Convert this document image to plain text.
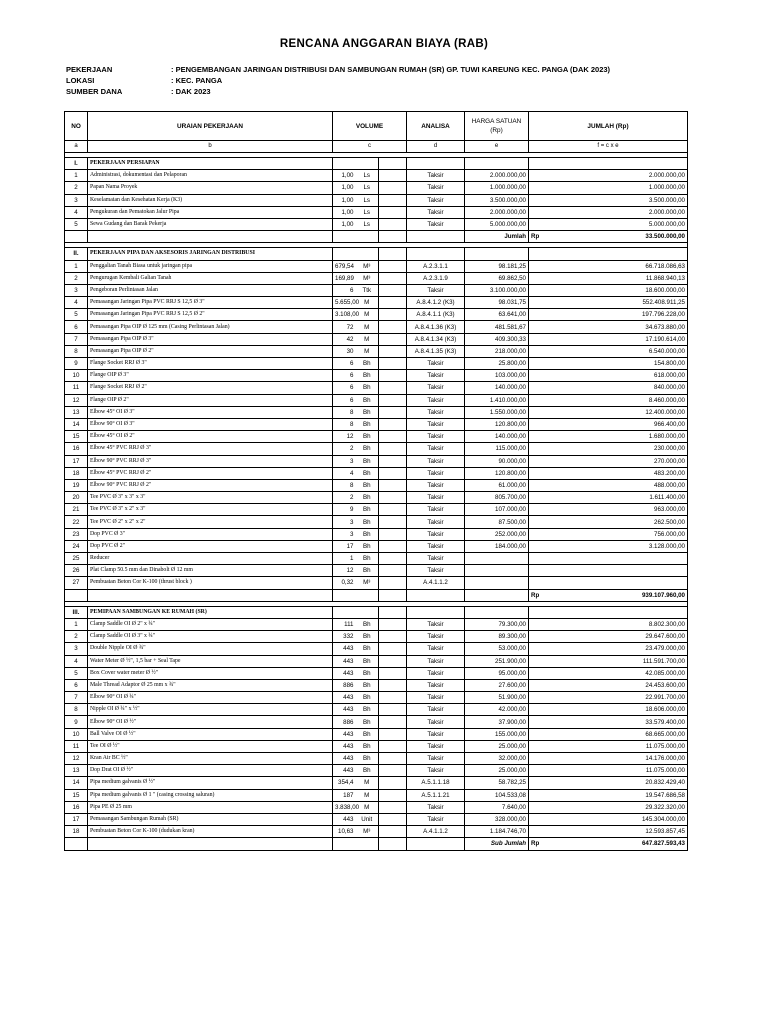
RENCANA ANGGARAN BIAYA (RAB)
PEKERJAAN	: PENGEMBANGAN JARINGAN DISTRIBUSI DAN SAMBUNGAN RUMAH (SR) GP. TUWI KAREUNG KEC. PANGA (DAK 2023)
LOKASI	: KEC. PANGA
SUMBER DANA	: DAK 2023
NO	URAIAN PEKERJAAN	VOLUME			ANALISA	HARGA SATUAN (Rp)	JUMLAH (Rp)	
a	b	c			d	e	f = c x e	

I.	PEKERJAAN PERSIAPAN							
1	Administrasi, dokumentasi dan Pelaporan	1,00	Ls		Taksir	2.000.000,00	2.000.000,00	
2	Papan Nama Proyek	1,00	Ls		Taksir	1.000.000,00	1.000.000,00	
3	Keselamatan dan Kesehatan Kerja (K3)	1,00	Ls		Taksir	3.500.000,00	3.500.000,00	
4	Pengukuran dan Pematokan Jalur Pipa	1,00	Ls		Taksir	2.000.000,00	2.000.000,00	
5	Sewa Gudang dan Barak Pekerja	1,00	Ls		Taksir	5.000.000,00	5.000.000,00	
						Jumlah	Rp	33.500.000,00

II.	PEKERJAAN PIPA DAN AKSESORIS JARINGAN DISTRIBUSI							
1	Penggalian Tanah Biasa untuk jaringan pipa	679,54	M³		A.2.3.1.1	98.181,25	66.718.086,63	
2	Pengurugan Kembali Galian Tanah	169,89	M³		A.2.3.1.9	69.862,50	11.868.940,13	
3	Pengeboran Perlintasan Jalan	6	Ttk		Taksir	3.100.000,00	18.600.000,00	
4	Pemasangan Jaringan Pipa PVC RRJ S 12,5 Ø 3"	5.655,00	M		A.8.4.1.2 (K3)	98.031,75	552.408.911,25	
5	Pemasangan Jaringan Pipa PVC RRJ S 12,5 Ø 2"	3.108,00	M		A.8.4.1.1 (K3)	63.641,00	197.796.228,00	
6	Pemasangan Pipa OIP Ø 125 mm (Casing Perlintasan Jalan)	72	M		A.8.4.1.36 (K3)	481.581,67	34.673.880,00	
7	Pemasangan Pipa OIP Ø 3"	42	M		A.8.4.1.34 (K3)	409.300,33	17.190.614,00	
8	Pemasangan Pipa OIP Ø 2"	30	M		A.8.4.1.35 (K3)	218.000,00	6.540.000,00	
9	Flange Socket RRJ Ø 3"	6	Bh		Taksir	25.800,00	154.800,00	
10	Flange OIP Ø 3"	6	Bh		Taksir	103.000,00	618.000,00	
11	Flange Socket RRJ Ø 2"	6	Bh		Taksir	140.000,00	840.000,00	
12	Flange OIP Ø 2"	6	Bh		Taksir	1.410.000,00	8.460.000,00	
13	Elbow 45° OI Ø 3"	8	Bh		Taksir	1.550.000,00	12.400.000,00	
14	Elbow 90° OI Ø 3"	8	Bh		Taksir	120.800,00	966.400,00	
15	Elbow 45° OI Ø 2"	12	Bh		Taksir	140.000,00	1.680.000,00	
16	Elbow 45° PVC RRJ Ø 3"	2	Bh		Taksir	115.000,00	230.000,00	
17	Elbow 90° PVC RRJ Ø 3"	3	Bh		Taksir	90.000,00	270.000,00	
18	Elbow 45° PVC RRJ Ø 2"	4	Bh		Taksir	120.800,00	483.200,00	
19	Elbow 90° PVC RRJ Ø 2"	8	Bh		Taksir	61.000,00	488.000,00	
20	Tee PVC Ø 3" x 3" x 3"	2	Bh		Taksir	805.700,00	1.611.400,00	
21	Tee PVC Ø 3" x 2" x 3"	9	Bh		Taksir	107.000,00	963.000,00	
22	Tee PVC Ø 2" x 2" x 2"	3	Bh		Taksir	87.500,00	262.500,00	
23	Dop PVC Ø 3"	3	Bh		Taksir	252.000,00	756.000,00	
24	Dop PVC Ø 2"	17	Bh		Taksir	184.000,00	3.128.000,00	
25	Reducer	1	Bh		Taksir			
26	Plat Clamp 50.5 mm dan Dinabolt Ø 12 mm	12	Bh		Taksir			
27	Pembuatan Beton Cor K-100 (thrust block )	0,32	M³		A.4.1.1.2			
							Rp	939.107.960,00

III.	PEMIPAAN SAMBUNGAN KE RUMAH (SR)							
1	Clamp Saddle OI Ø 2" x ¾"	111	Bh		Taksir	79.300,00	8.802.300,00	
2	Clamp Saddle OI Ø 3" x ¾"	332	Bh		Taksir	89.300,00	29.647.600,00	
3	Double Nipple OI Ø ¾"	443	Bh		Taksir	53.000,00	23.479.000,00	
4	Water Meter Ø ½", 1,5 bar + Seal Tape	443	Bh		Taksir	251.900,00	111.591.700,00	
5	Box Cover water meter Ø ½"	443	Bh		Taksir	95.000,00	42.085.000,00	
6	Male Thread Adaptor Ø 25 mm x ¾"	886	Bh		Taksir	27.600,00	24.453.600,00	
7	Elbow 90° OI Ø ¾"	443	Bh		Taksir	51.900,00	22.991.700,00	
8	Nipple OI Ø ¾" x ½"	443	Bh		Taksir	42.000,00	18.606.000,00	
9	Elbow 90° OI Ø ½"	886	Bh		Taksir	37.900,00	33.579.400,00	
10	Ball Valve OI Ø ½"	443	Bh		Taksir	155.000,00	68.665.000,00	
11	Tee OI Ø ½"	443	Bh		Taksir	25.000,00	11.075.000,00	
12	Kran Air BC ½"	443	Bh		Taksir	32.000,00	14.176.000,00	
13	Dop Drat OI Ø ½"	443	Bh		Taksir	25.000,00	11.075.000,00	
14	Pipa medium galvanis Ø ½"	354,4	M		A.5.1.1.18	58.782,25	20.832.429,40	
15	Pipa medium galvanis Ø 1 " (casing crossing saluran)	187	M		A.5.1.1.21	104.533,08	19.547.686,58	
16	Pipa PE Ø 25 mm	3.838,00	M		Taksir	7.640,00	29.322.320,00	
17	Pemasangan Sambungan Rumah (SR)	443	Unit		Taksir	328.000,00	145.304.000,00	
18	Pembuatan Beton Cor K-100 (dudukan kran)	10,63	M³		A.4.1.1.2	1.184.746,70	12.593.857,45	
						Sub Jumlah	Rp	647.827.593,43
